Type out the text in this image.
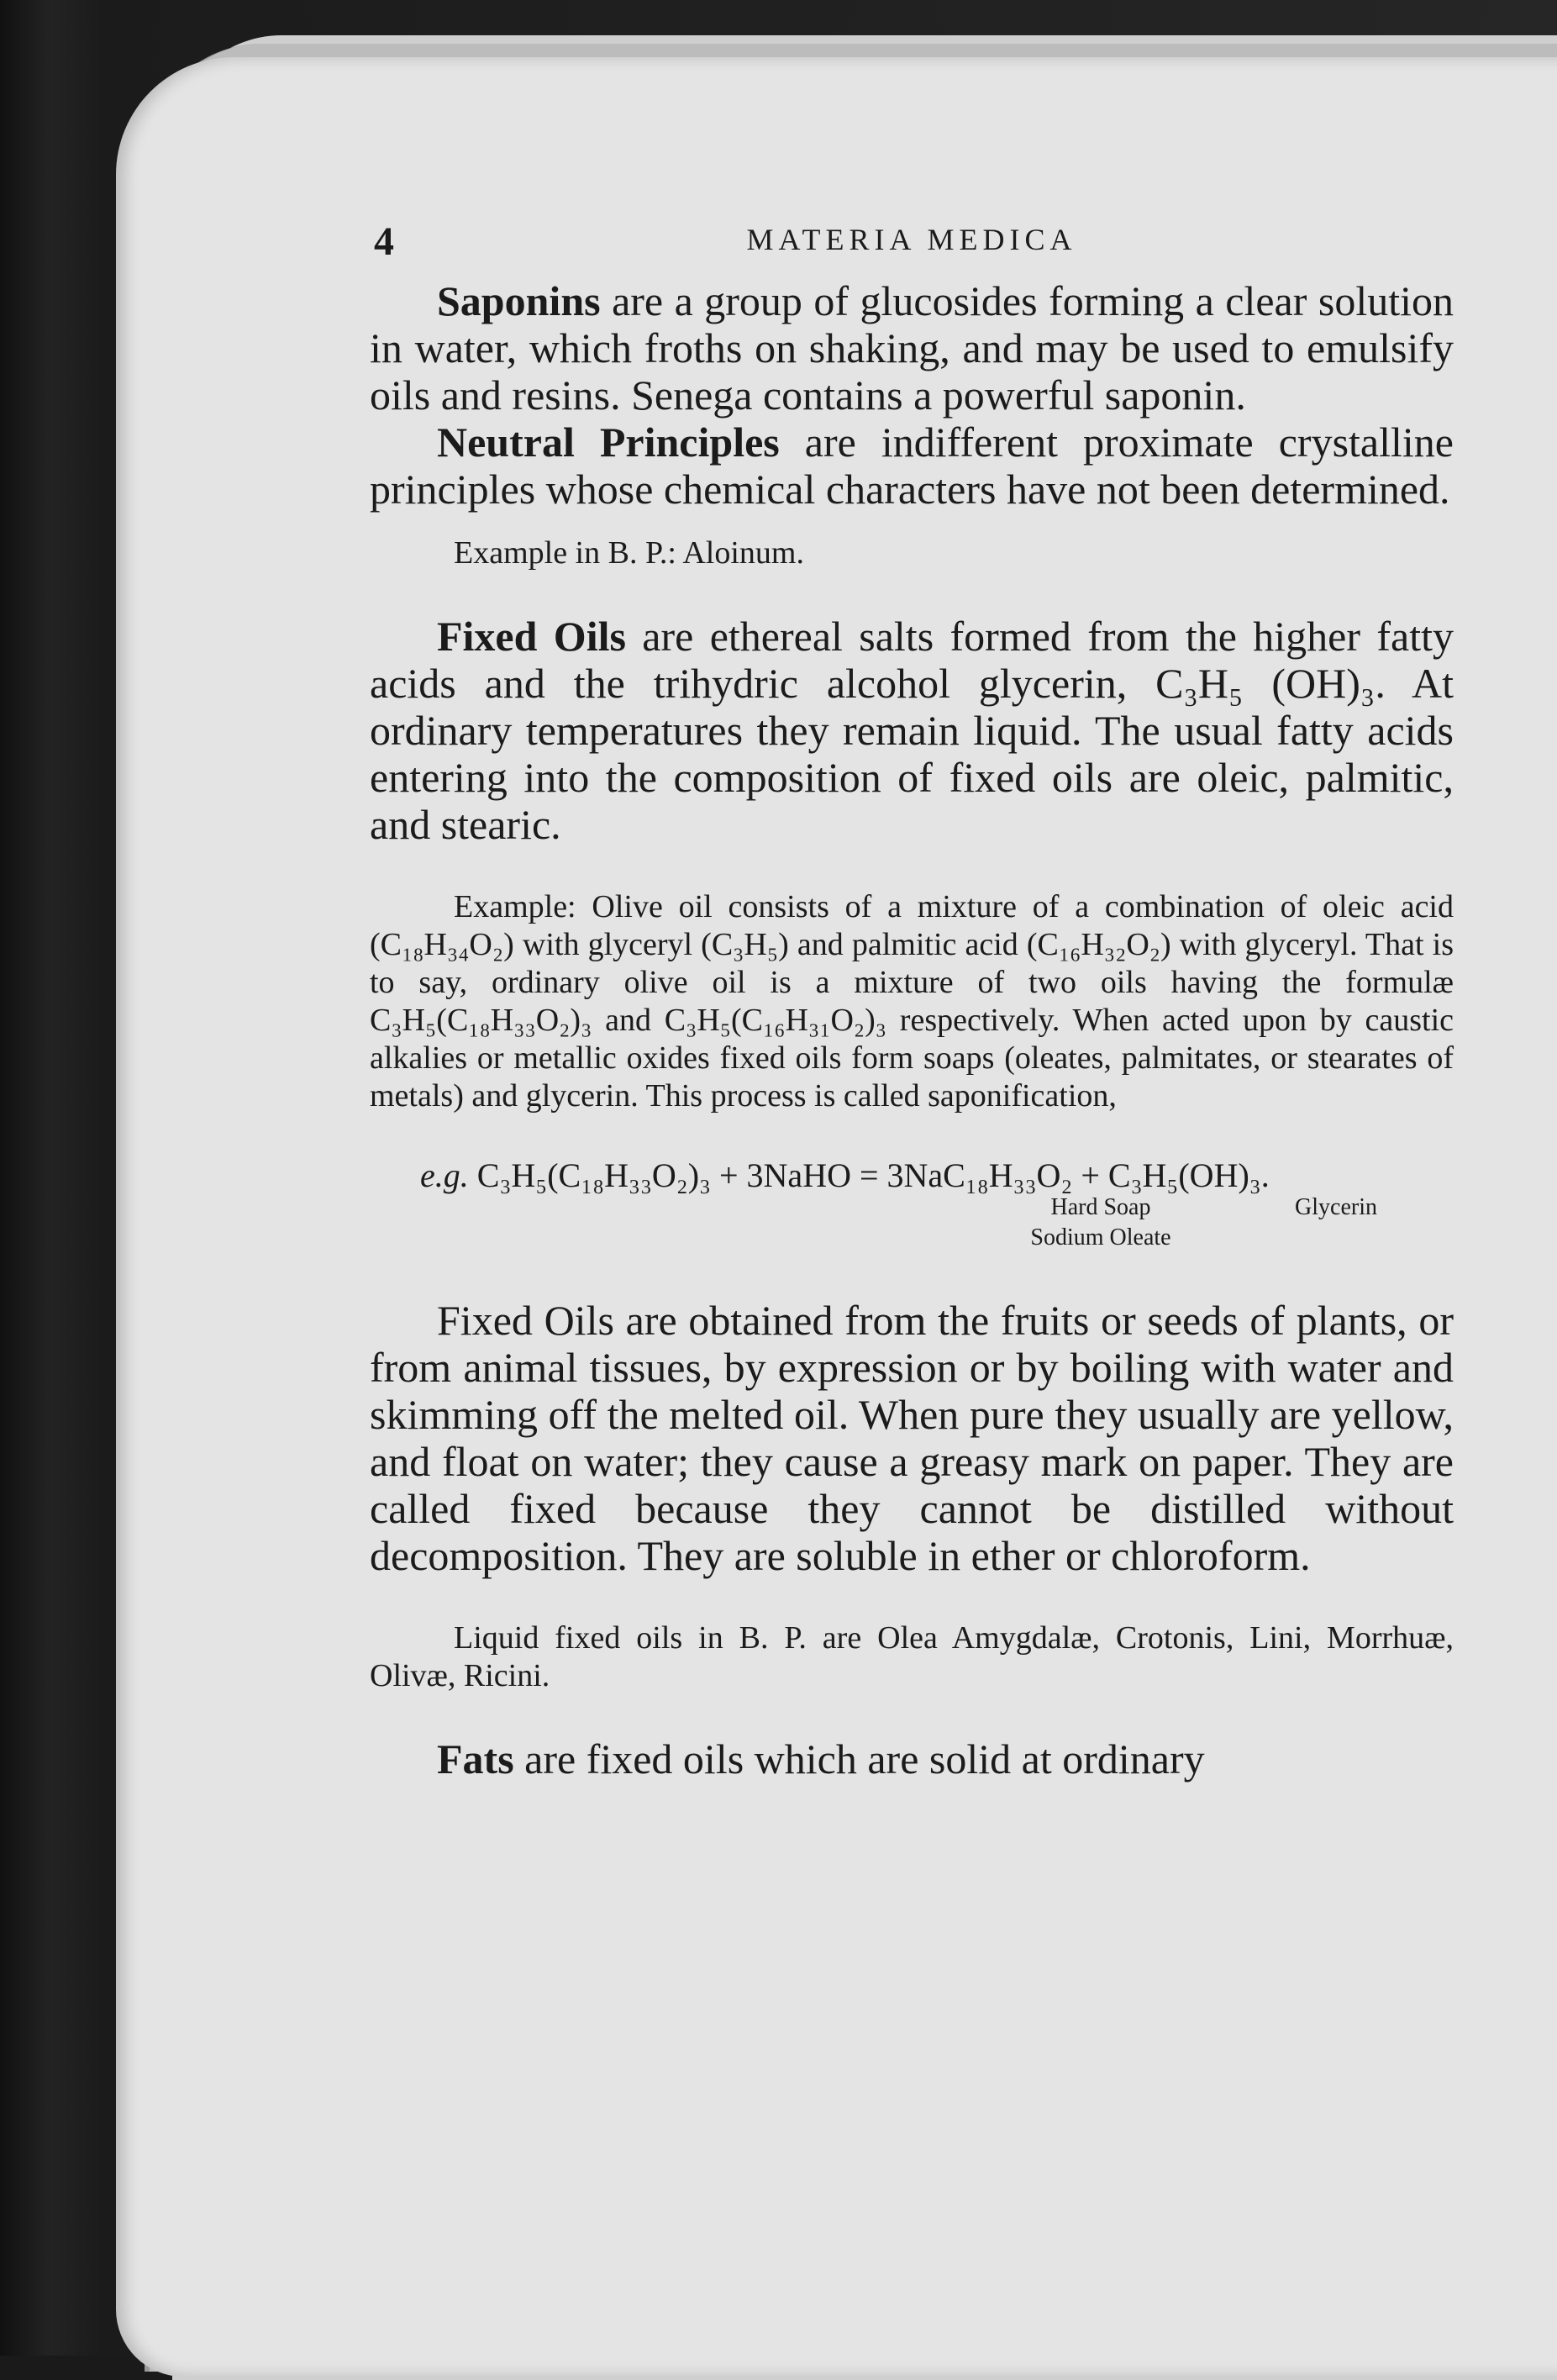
4	MATERIA MEDICA

Saponins are a group of glucosides forming a clear solution in water, which froths on shaking, and may be used to emulsify oils and resins. Senega contains a powerful saponin.

Neutral Principles are indifferent proximate crystalline principles whose chemical characters have not been determined.

Example in B. P.: Aloinum.

Fixed Oils are ethereal salts formed from the higher fatty acids and the trihydric alcohol glycerin, C₃H₅ (OH)₃. At ordinary temperatures they remain liquid. The usual fatty acids entering into the composition of fixed oils are oleic, palmitic, and stearic.

Example: Olive oil consists of a mixture of a combination of oleic acid (C₁₈H₃₄O₂) with glyceryl (C₃H₅) and palmitic acid (C₁₆H₃₂O₂) with glyceryl. That is to say, ordinary olive oil is a mixture of two oils having the formulæ C₃H₅(C₁₈H₃₃O₂)₃ and C₃H₅(C₁₆H₃₁O₂)₃ respectively. When acted upon by caustic alkalies or metallic oxides fixed oils form soaps (oleates, palmitates, or stearates of metals) and glycerin. This process is called saponification,

e.g. C₃H₅(C₁₈H₃₃O₂)₃ + 3NaHO = 3NaC₁₈H₃₃O₂ + C₃H₅(OH)₃.
Hard Soap
Sodium Oleate
Glycerin

Fixed Oils are obtained from the fruits or seeds of plants, or from animal tissues, by expression or by boiling with water and skimming off the melted oil. When pure they usually are yellow, and float on water; they cause a greasy mark on paper. They are called fixed because they cannot be distilled without decomposition. They are soluble in ether or chloroform.

Liquid fixed oils in B. P. are Olea Amygdalæ, Crotonis, Lini, Morrhuæ, Olivæ, Ricini.

Fats are fixed oils which are solid at ordinary
